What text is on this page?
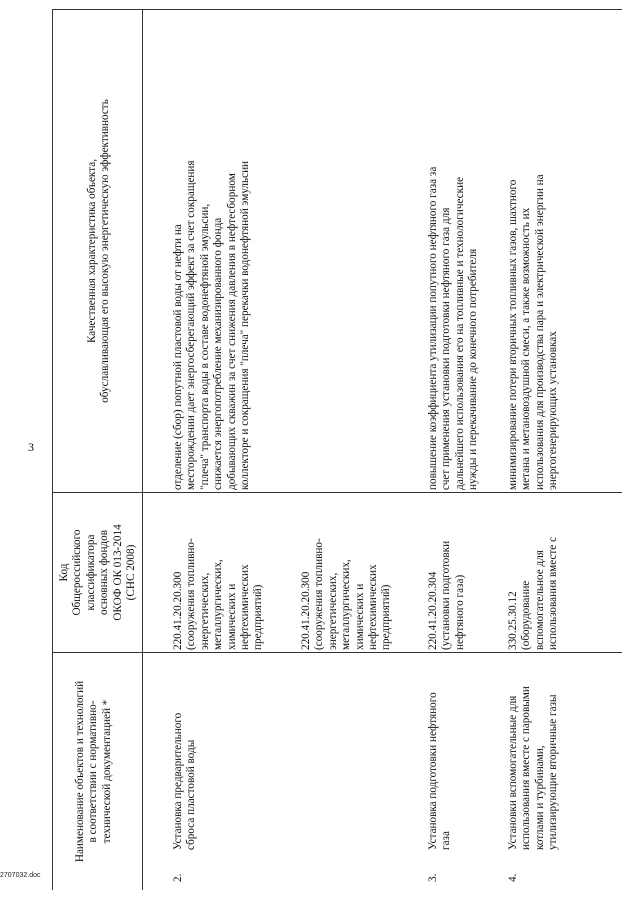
3
2707032.doc
Наименование объектов и технологий
в соответствии с нормативно-
технической документацией *
Код
Общероссийского
классификатора
основных фондов
ОКОФ ОК 013-2014
(СНС 2008)
Качественная характеристика объекта,
обуславливающая его высокую энергетическую эффективность
2.
Установка предварительного
сброса пластовой воды
220.41.20.20.300
(сооружения топливно-
энергетических,
металлургических,
химических и
нефтехимических
предприятий)	220.41.20.20.300
(сооружения топливно-
энергетических,
металлургических,
химических и
нефтехимических
предприятий)
отделение (сбор) попутной пластовой воды от нефти на
месторождении дает энергосберегающий эффект за счет сокращения
"плеча" транспорта воды в составе водонефтяной эмульсии,
снижается энергопотребление механизированного фонда
добывающих скважин за счет снижения давления в нефтесборном
коллекторе и сокращения "плеча" перекачки водонефтяной эмульсии
3.
Установка подготовки нефтяного
газа
220.41.20.20.304
(установки подготовки
нефтяного газа)
повышение коэффициента утилизации попутного нефтяного газа за
счет применения установки подготовки нефтяного газа для
дальнейшего использования его на топливные и технологические
нужды и перекачивание до конечного потребителя
4.
Установки вспомогательные для
использования вместе с паровыми
котлами и турбинами,
утилизирующие вторичные газы
330.25.30.12
(оборудование
вспомогательное для
использования вместе с
минимизирование потери вторичных топливных газов, шахтного
метана и метановоздушной смеси, а также возможность их
использования для производства пара и электрической энергии на
энергогенерирующих установках
